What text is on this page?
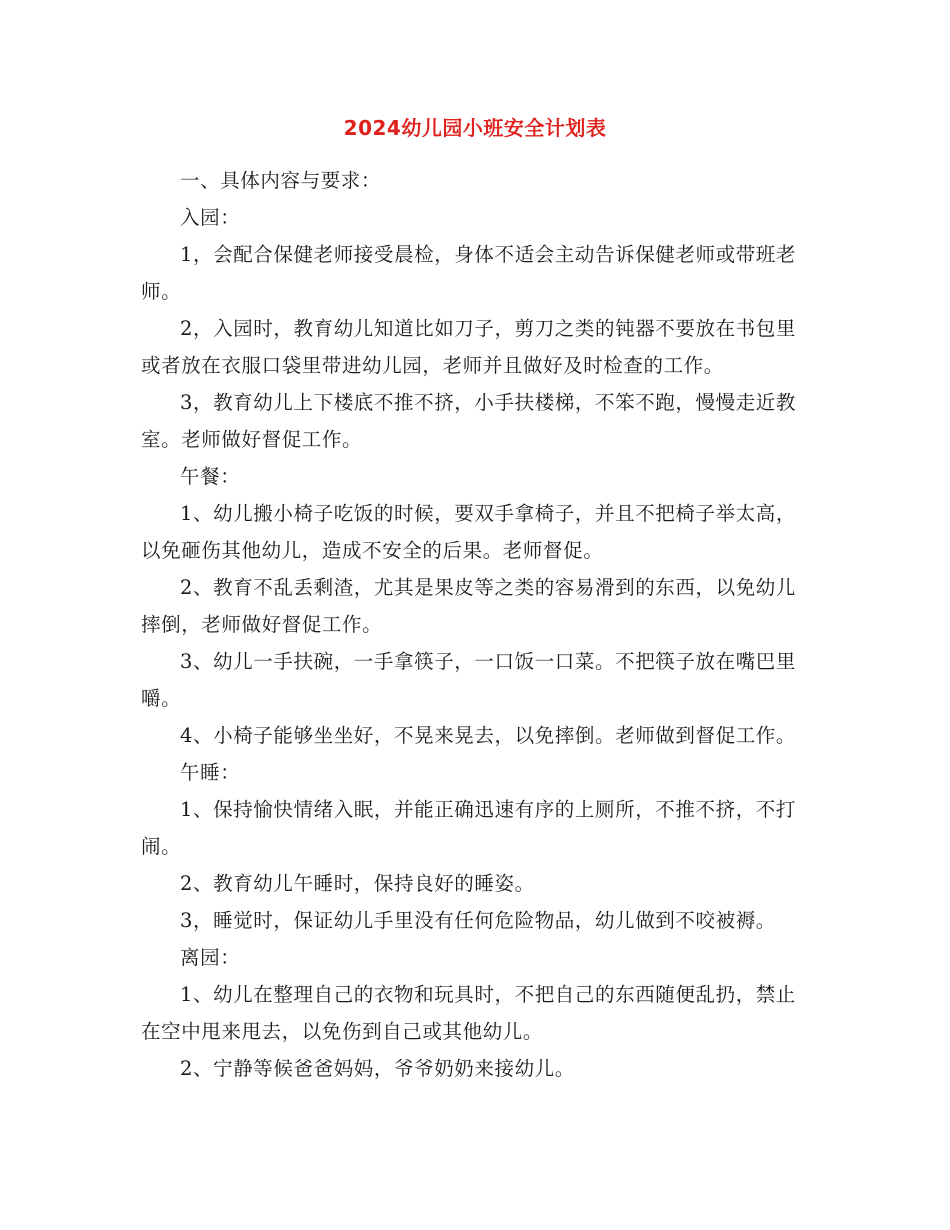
2024幼儿园小班安全计划表

一、具体内容与要求：

入园：

1，会配合保健老师接受晨检，身体不适会主动告诉保健老师或带班老师。

2，入园时，教育幼儿知道比如刀子，剪刀之类的钝器不要放在书包里或者放在衣服口袋里带进幼儿园，老师并且做好及时检查的工作。

3，教育幼儿上下楼底不推不挤，小手扶楼梯，不笨不跑，慢慢走近教室。老师做好督促工作。

午餐：

1、幼儿搬小椅子吃饭的时候，要双手拿椅子，并且不把椅子举太高，以免砸伤其他幼儿，造成不安全的后果。老师督促。

2、教育不乱丢剩渣，尤其是果皮等之类的容易滑到的东西，以免幼儿摔倒，老师做好督促工作。

3、幼儿一手扶碗，一手拿筷子，一口饭一口菜。不把筷子放在嘴巴里嚼。

4、小椅子能够坐坐好，不晃来晃去，以免摔倒。老师做到督促工作。

午睡：

1、保持愉快情绪入眠，并能正确迅速有序的上厕所，不推不挤，不打闹。

2、教育幼儿午睡时，保持良好的睡姿。

3，睡觉时，保证幼儿手里没有任何危险物品，幼儿做到不咬被褥。

离园：

1、幼儿在整理自己的衣物和玩具时，不把自己的东西随便乱扔，禁止在空中甩来甩去，以免伤到自己或其他幼儿。

2、宁静等候爸爸妈妈，爷爷奶奶来接幼儿。
